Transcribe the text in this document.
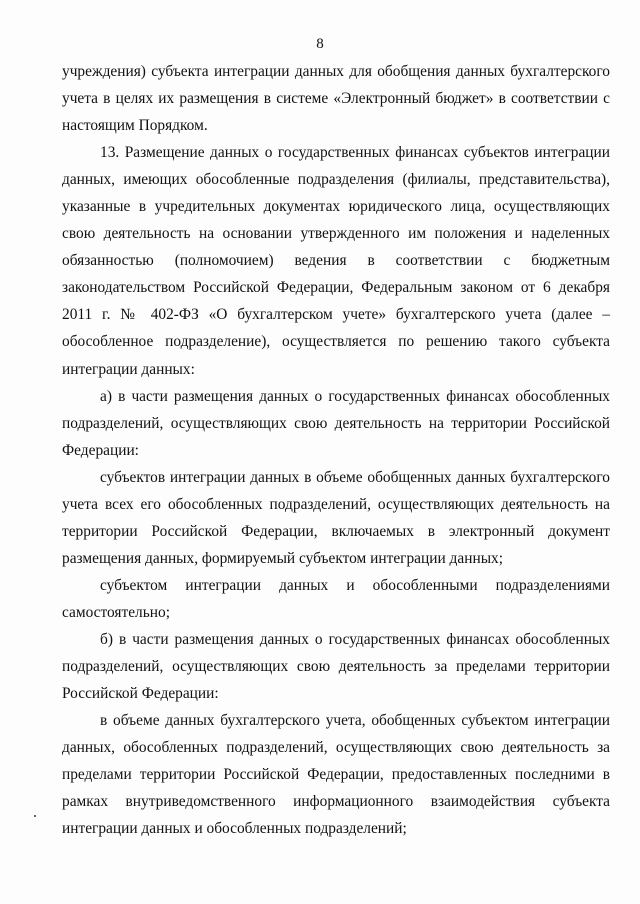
8

учреждения) субъекта интеграции данных для обобщения данных бухгалтерского учета в целях их размещения в системе «Электронный бюджет» в соответствии с настоящим Порядком.

13. Размещение данных о государственных финансах субъектов интеграции данных, имеющих обособленные подразделения (филиалы, представительства), указанные в учредительных документах юридического лица, осуществляющих свою деятельность на основании утвержденного им положения и наделенных обязанностью (полномочием) ведения в соответствии с бюджетным законодательством Российской Федерации, Федеральным законом от 6 декабря 2011 г. № 402-ФЗ «О бухгалтерском учете» бухгалтерского учета (далее – обособленное подразделение), осуществляется по решению такого субъекта интеграции данных:

а) в части размещения данных о государственных финансах обособленных подразделений, осуществляющих свою деятельность на территории Российской Федерации:

субъектов интеграции данных в объеме обобщенных данных бухгалтерского учета всех его обособленных подразделений, осуществляющих деятельность на территории Российской Федерации, включаемых в электронный документ размещения данных, формируемый субъектом интеграции данных;

субъектом интеграции данных и обособленными подразделениями самостоятельно;

б) в части размещения данных о государственных финансах обособленных подразделений, осуществляющих свою деятельность за пределами территории Российской Федерации:

в объеме данных бухгалтерского учета, обобщенных субъектом интеграции данных, обособленных подразделений, осуществляющих свою деятельность за пределами территории Российской Федерации, предоставленных последними в рамках внутриведомственного информационного взаимодействия субъекта интеграции данных и обособленных подразделений;
